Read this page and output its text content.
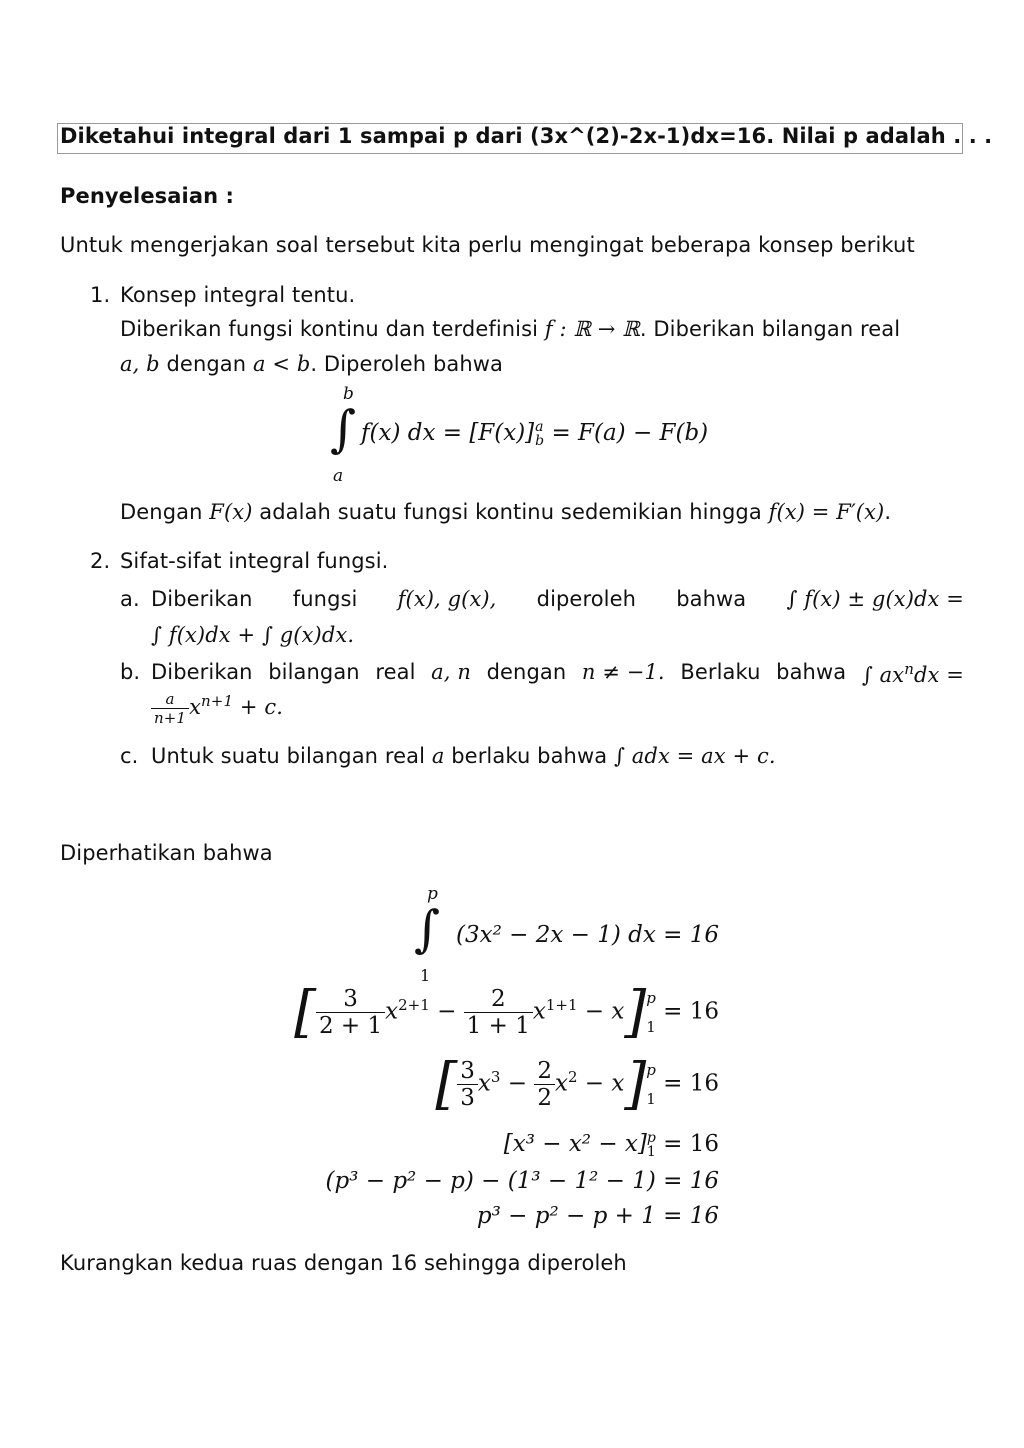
Diketahui integral dari 1 sampai p dari (3x^(2)-2x-1)dx=16. Nilai p adalah . . .
Penyelesaian :
Untuk mengerjakan soal tersebut kita perlu mengingat beberapa konsep berikut
1. Konsep integral tentu.
Diberikan fungsi kontinu dan terdefinisi f : ℝ → ℝ. Diberikan bilangan real
a, b dengan a < b. Diperoleh bahwa
b
∫
a
f(x) dx = [F(x)] a
b = F(a) − F(b)
Dengan F(x) adalah suatu fungsi kontinu sedemikian hingga f(x) = F′(x).
2. Sifat-sifat integral fungsi.
a. Diberikan fungsi f(x), g(x), diperoleh bahwa ∫ f(x) ± g(x)dx =
∫ f(x)dx + ∫ g(x)dx.
b. Diberikan bilangan real a, n dengan n ≠ −1. Berlaku bahwa ∫ $ax^ndx$ =
$\frac{a}{n+1} x^{n+1} + c$.
c. Untuk suatu bilangan real a berlaku bahwa ∫ adx = ax + c.
Diperhatikan bahwa
p
∫
1
(3x² − 2x − 1) dx = 16
[ $\frac{3}{2 + 1} x^{2+1} - \frac{2}{1 + 1} x^{1+1} - x$] p
1
= 16
[ $\frac{3}{3} x^3 - \frac{2}{2} x^2 - x$] p
1
= 16
[x³ − x² − x] p
1 = 16
(p³ − p² − p) − (1³ − 1² − 1) = 16
p³ − p² − p + 1 = 16
Kurangkan kedua ruas dengan 16 sehingga diperoleh
